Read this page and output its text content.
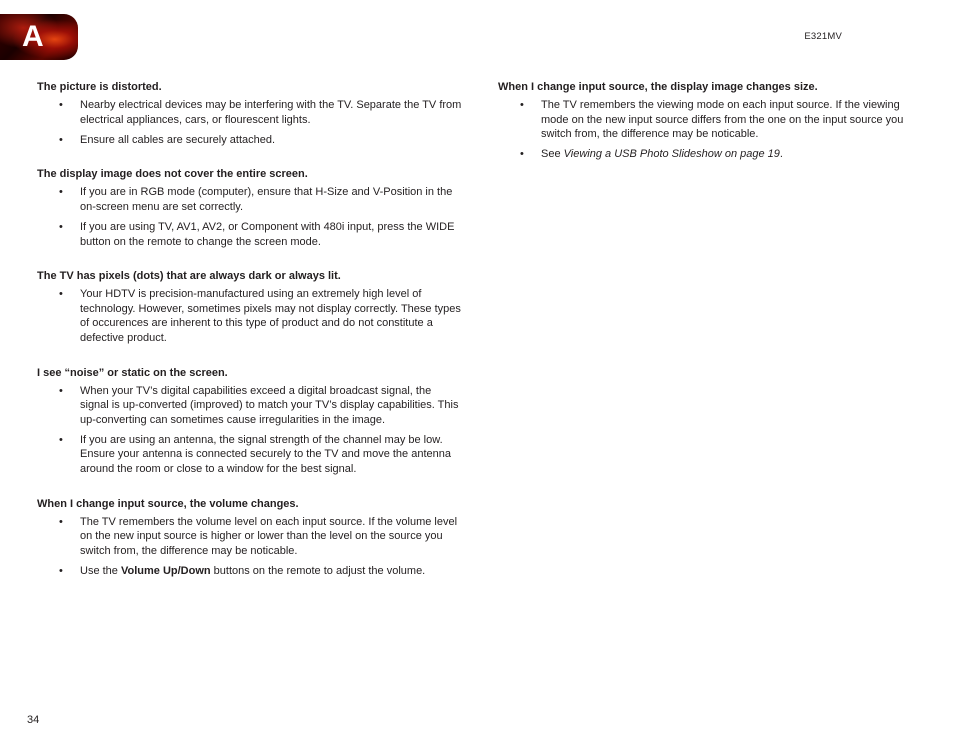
A	E321MV
The picture is distorted.
• Nearby electrical devices may be interfering with the TV. Separate the TV from electrical appliances, cars, or flourescent lights.
• Ensure all cables are securely attached.
The display image does not cover the entire screen.
• If you are in RGB mode (computer), ensure that H-Size and V-Position in the on-screen menu are set correctly.
• If you are using TV, AV1, AV2, or Component with 480i input, press the WIDE button on the remote to change the screen mode.
The TV has pixels (dots) that are always dark or always lit.
• Your HDTV is precision-manufactured using an extremely high level of technology. However, sometimes pixels may not display correctly. These types of occurences are inherent to this type of product and do not constitute a defective product.
I see “noise” or static on the screen.
• When your TV’s digital capabilities exceed a digital broadcast signal, the signal is up-converted (improved) to match your TV’s display capabilities. This up-converting can sometimes cause irregularities in the image.
• If you are using an antenna, the signal strength of the channel may be low. Ensure your antenna is connected securely to the TV and move the antenna around the room or close to a window for the best signal.
When I change input source, the volume changes.
• The TV remembers the volume level on each input source. If the volume level on the new input source is higher or lower than the level on the source you switch from, the difference may be noticable.
• Use the Volume Up/Down buttons on the remote to adjust the volume.
When I change input source, the display image changes size.
• The TV remembers the viewing mode on each input source. If the viewing mode on the new input source differs from the one on the input source you switch from, the difference may be noticable.
• See Viewing a USB Photo Slideshow on page 19.
34
